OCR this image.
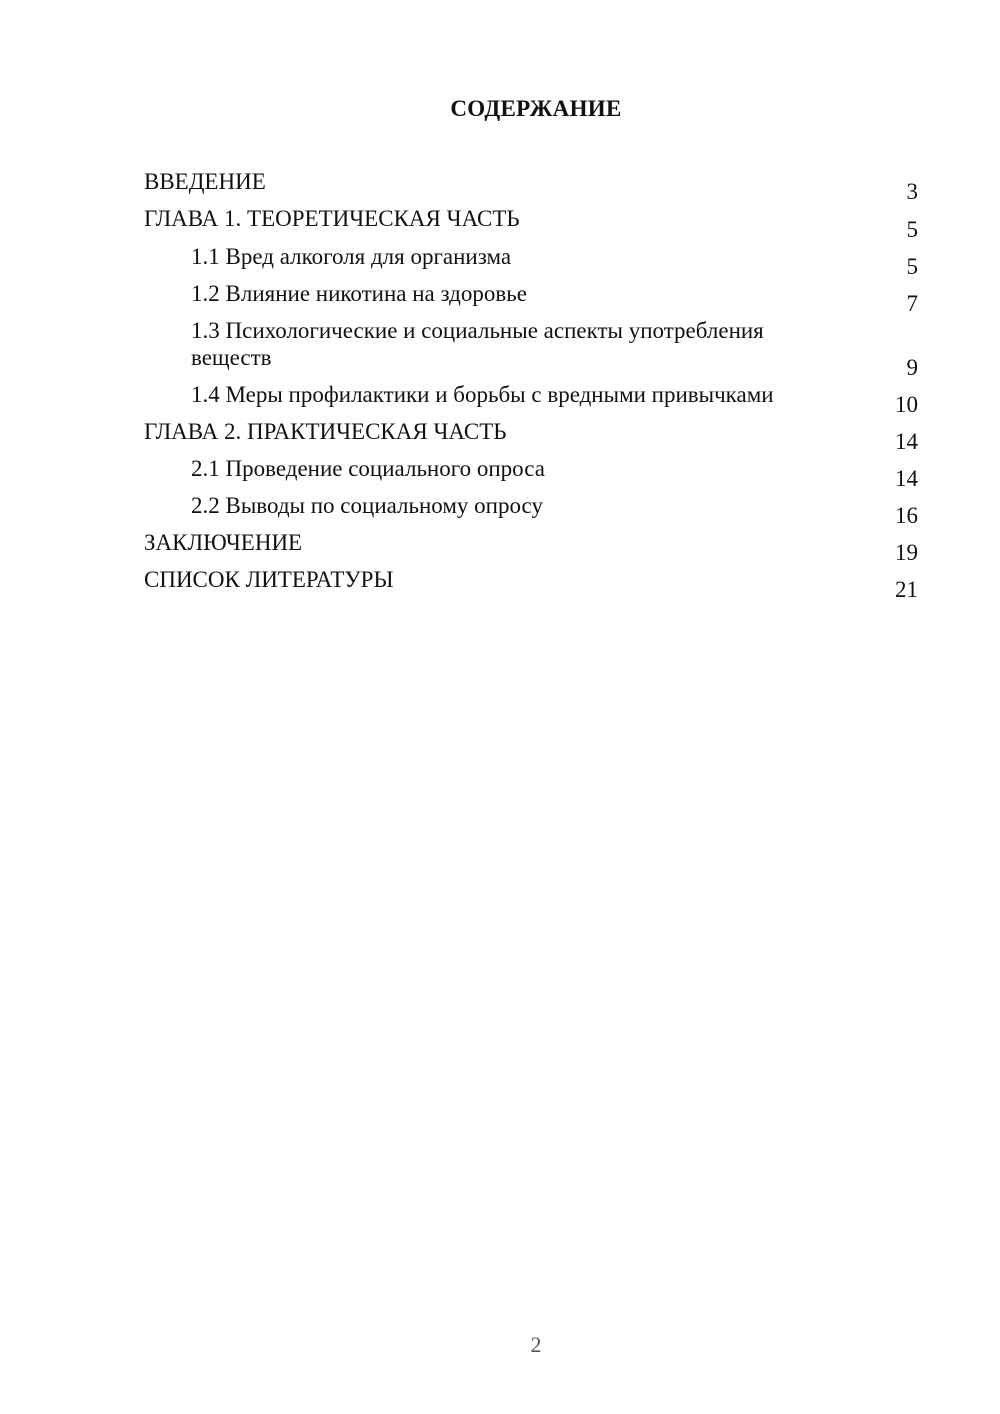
СОДЕРЖАНИЕ
ВВЕДЕНИЕ	3
ГЛАВА 1. ТЕОРЕТИЧЕСКАЯ ЧАСТЬ	5
1.1 Вред алкоголя для организма	5
1.2 Влияние никотина на здоровье	7
1.3 Психологические и социальные аспекты употребления веществ	9
1.4 Меры профилактики и борьбы с вредными привычками	10
ГЛАВА 2. ПРАКТИЧЕСКАЯ ЧАСТЬ	14
2.1 Проведение социального опроса	14
2.2 Выводы по социальному опросу	16
ЗАКЛЮЧЕНИЕ	19
СПИСОК ЛИТЕРАТУРЫ	21
2
